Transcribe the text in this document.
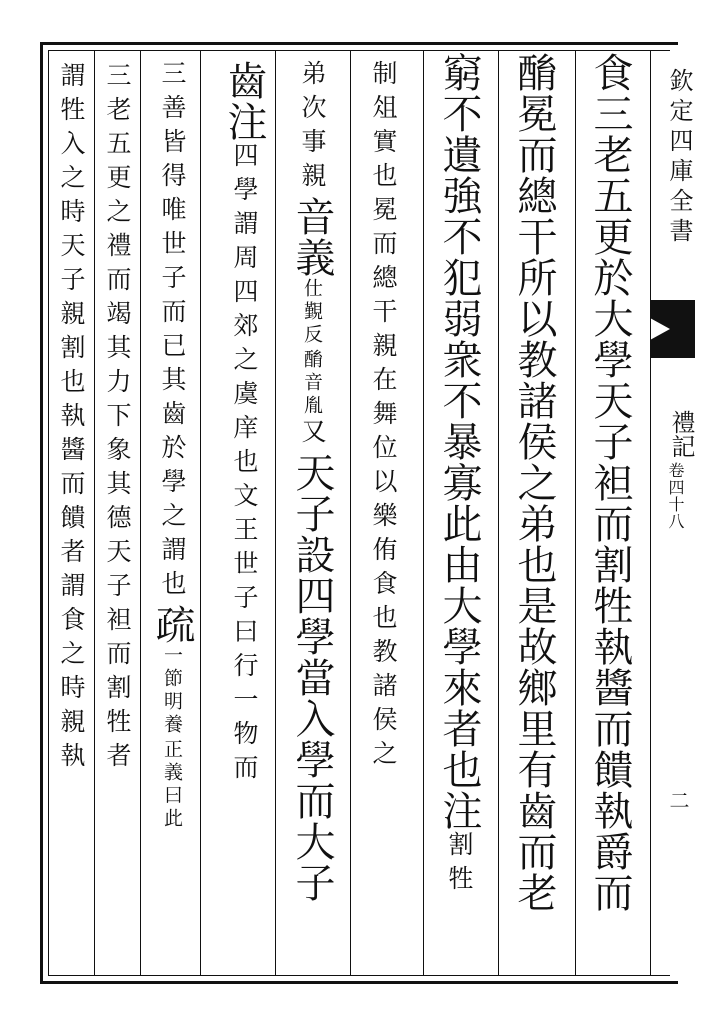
食三老五更於大學天子袒而割牲執醬而饋執爵而
酳冕而總干所以教諸侯之弟也是故鄉里有齒而老
窮不遺強不犯弱衆不暴寡此由大學來者也注割牲
制俎實也冕而總干親在舞位以樂侑食也教諸侯之
弟次事親音義
酳音胤
仕覲反
又天子設四學當入學而大子
齒注四學謂周四郊之虞庠也文王世子曰行一物而
三善皆得唯世子而已其齒於學之謂也疏
正義曰此
一節明養
三老五更之禮而竭其力下象其德天子袒而割牲者
謂牲入之時天子親割也執醬而饋者謂食之時親執	欽定四庫全書
禮記 卷四十八
二
